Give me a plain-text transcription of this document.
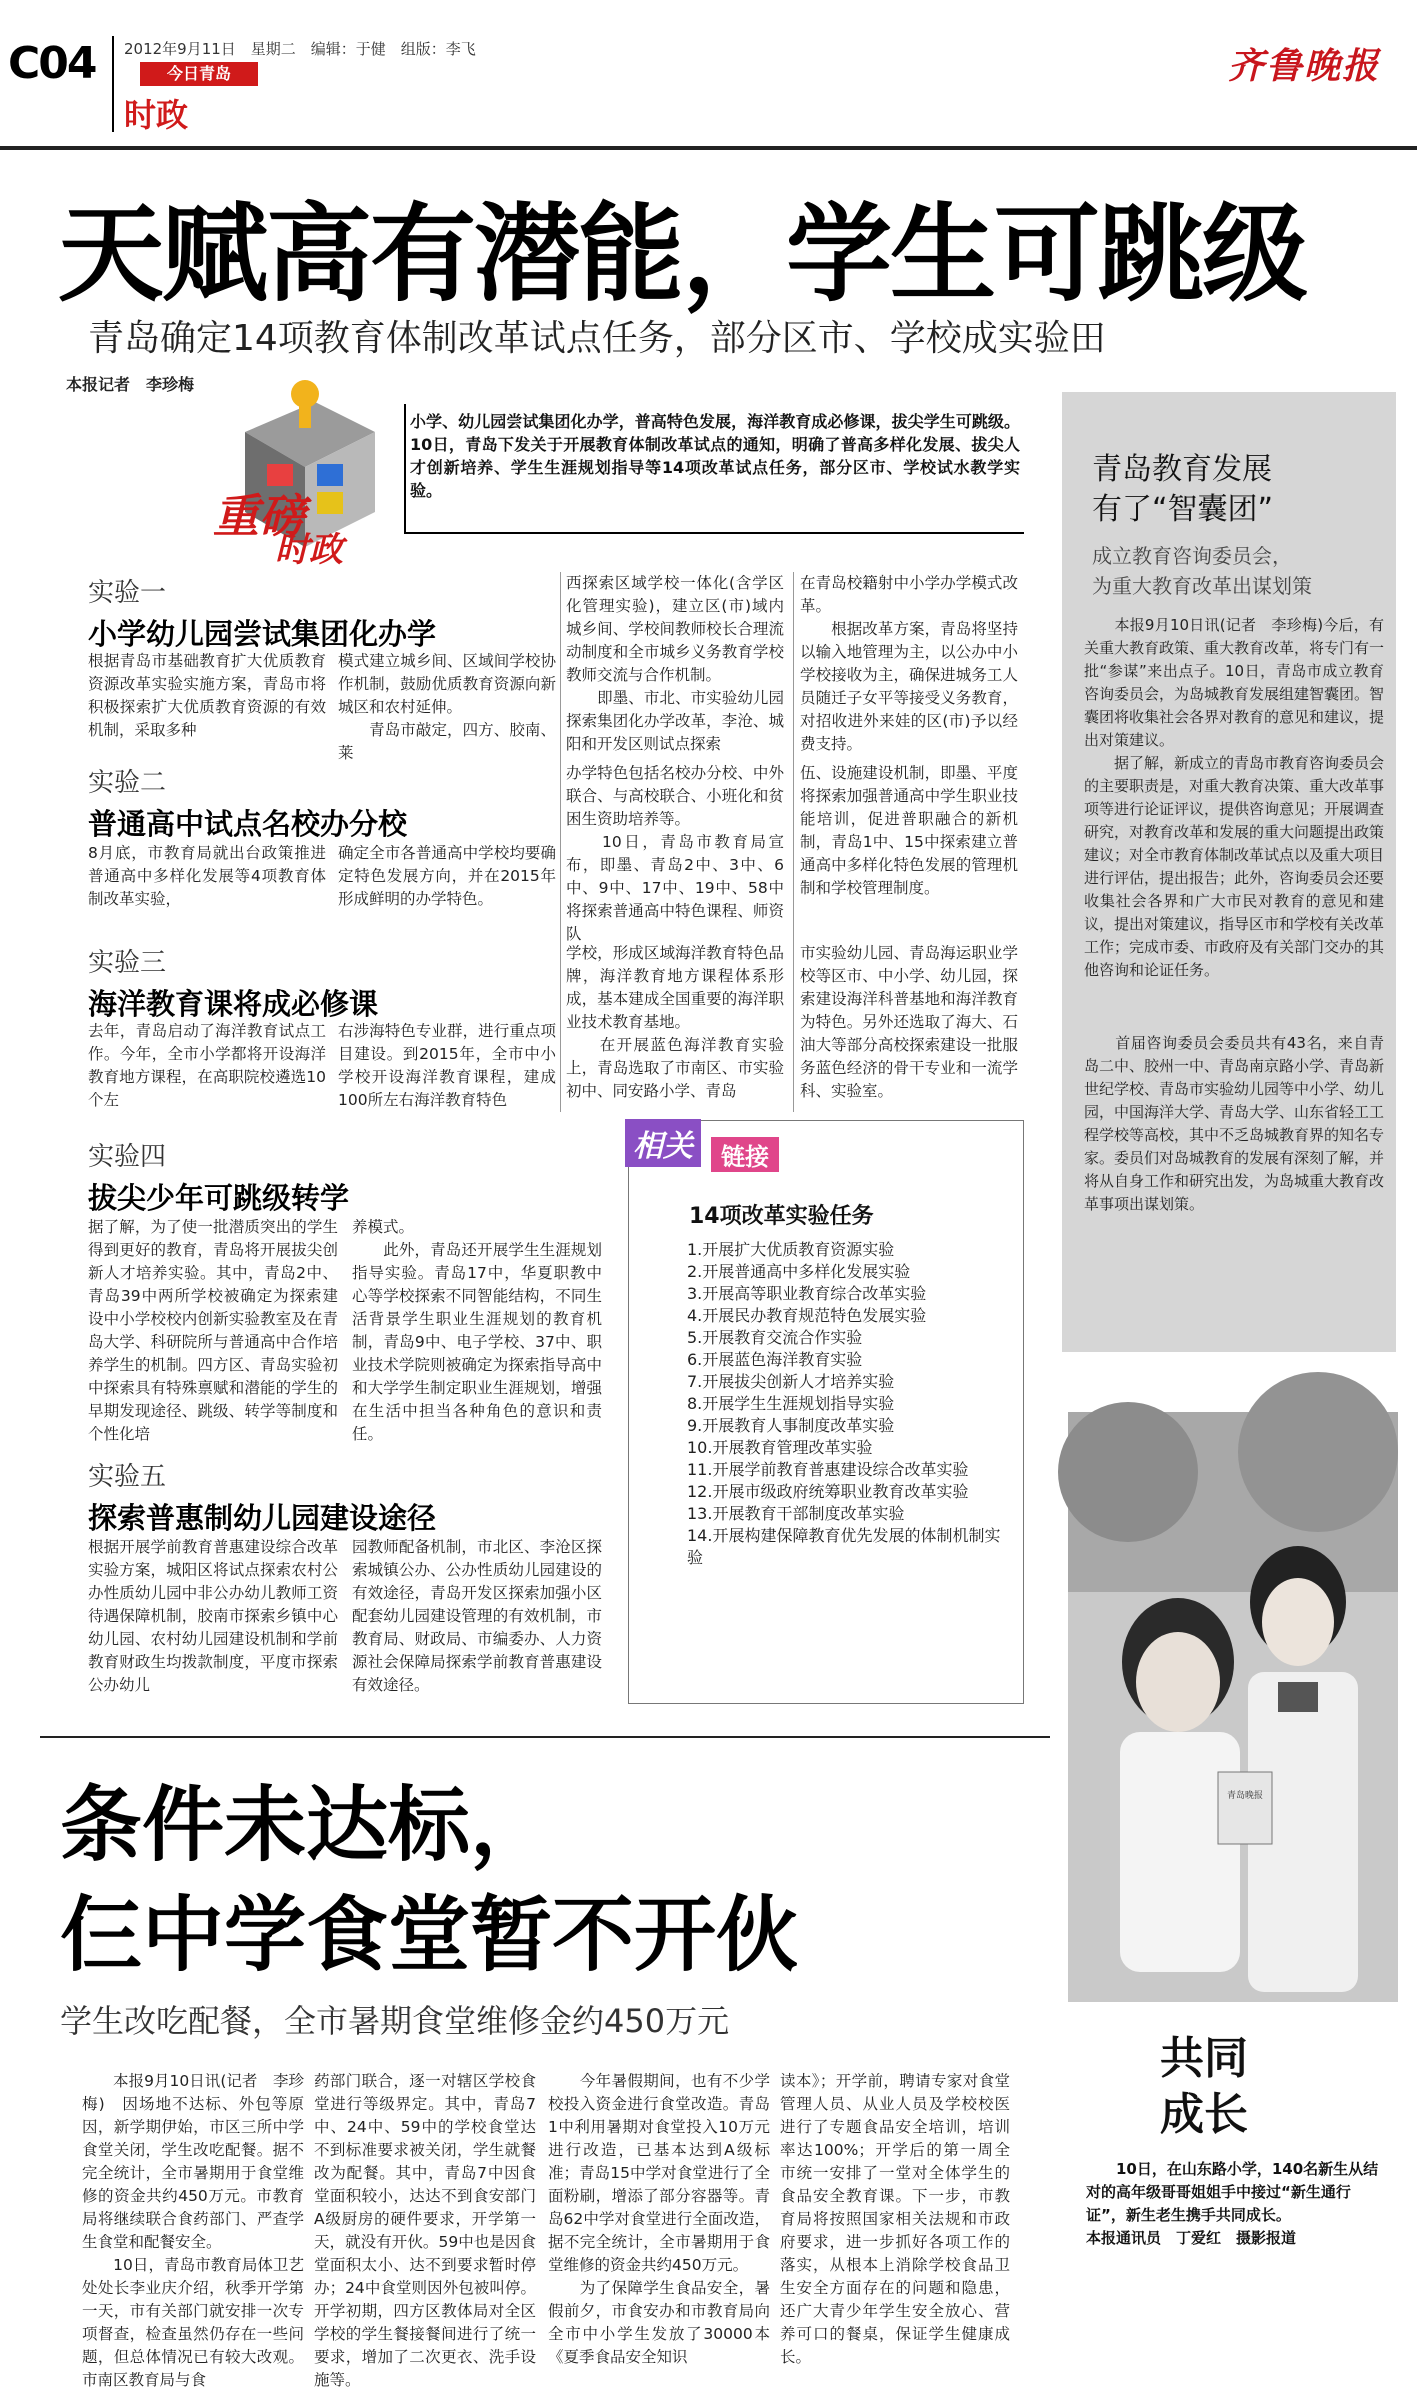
C04 2012年9月11日　星期二　编辑：于健　组版：李飞
今日青岛
时政
齐鲁晚报
天赋高有潜能，学生可跳级
青岛确定14项教育体制改革试点任务，部分区市、学校成实验田
本报记者　李珍梅
重磅
时政
小学、幼儿园尝试集团化办学，普高特色发展，海洋教育成必修课，拔尖学生可跳级。10日，青岛下发关于开展教育体制改革试点的通知，明确了普高多样化发展、拔尖人才创新培养、学生生涯规划指导等14项改革试点任务，部分区市、学校试水教学实验。
实验一
小学幼儿园尝试集团化办学
根据青岛市基础教育扩大优质教育资源改革实验实施方案，青岛市将积极探索扩大优质教育资源的有效机制，采取多种
模式建立城乡间、区域间学校协作机制，鼓励优质教育资源向新城区和农村延伸。
　　青岛市敲定，四方、胶南、莱
实验二
普通高中试点名校办分校
8月底，市教育局就出台政策推进普通高中多样化发展等4项教育体制改革实验，
确定全市各普通高中学校均要确定特色发展方向，并在2015年形成鲜明的办学特色。
实验三
海洋教育课将成必修课
去年，青岛启动了海洋教育试点工作。今年，全市小学都将开设海洋教育地方课程，在高职院校遴选10个左
右涉海特色专业群，进行重点项目建设。到2015年，全市中小学校开设海洋教育课程，建成100所左右海洋教育特色
实验四
拔尖少年可跳级转学
据了解，为了使一批潜质突出的学生得到更好的教育，青岛将开展拔尖创新人才培养实验。其中，青岛2中、青岛39中两所学校被确定为探索建设中小学校校内创新实验教室及在青岛大学、科研院所与普通高中合作培养学生的机制。四方区、青岛实验初中探索具有特殊禀赋和潜能的学生的早期发现途径、跳级、转学等制度和个性化培
养模式。
　　此外，青岛还开展学生生涯规划指导实验。青岛17中，华夏职教中心等学校探索不同智能结构，不同生活背景学生职业生涯规划的教育机制，青岛9中、电子学校、37中、职业技术学院则被确定为探索指导高中和大学学生制定职业生涯规划，增强在生活中担当各种角色的意识和责任。
实验五
探索普惠制幼儿园建设途径
根据开展学前教育普惠建设综合改革实验方案，城阳区将试点探索农村公办性质幼儿园中非公办幼儿教师工资待遇保障机制，胶南市探索乡镇中心幼儿园、农村幼儿园建设机制和学前教育财政生均拨款制度，平度市探索公办幼儿
园教师配备机制，市北区、李沧区探索城镇公办、公办性质幼儿园建设的有效途径，青岛开发区探索加强小区配套幼儿园建设管理的有效机制，市教育局、财政局、市编委办、人力资源社会保障局探索学前教育普惠建设有效途径。
西探索区域学校一体化(含学区化管理实验)，建立区(市)域内城乡间、学校间教师校长合理流动制度和全市城乡义务教育学校教师交流与合作机制。
　　即墨、市北、市实验幼儿园探索集团化办学改革，李沧、城阳和开发区则试点探索
在青岛校籍射中小学办学模式改革。
　　根据改革方案，青岛将坚持以输入地管理为主，以公办中小学校接收为主，确保进城务工人员随迁子女平等接受义务教育，对招收进外来娃的区(市)予以经费支持。
办学特色包括名校办分校、中外联合、与高校联合、小班化和贫困生资助培养等。
　　10日，青岛市教育局宣布，即墨、青岛2中、3中、6中、9中、17中、19中、58中将探索普通高中特色课程、师资队
伍、设施建设机制，即墨、平度将探索加强普通高中学生职业技能培训，促进普职融合的新机制，青岛1中、15中探索建立普通高中多样化特色发展的管理机制和学校管理制度。
学校，形成区域海洋教育特色品牌，海洋教育地方课程体系形成，基本建成全国重要的海洋职业技术教育基地。
　　在开展蓝色海洋教育实验上，青岛选取了市南区、市实验初中、同安路小学、青岛
市实验幼儿园、青岛海运职业学校等区市、中小学、幼儿园，探索建设海洋科普基地和海洋教育为特色。另外还选取了海大、石油大等部分高校探索建设一批服务蓝色经济的骨干专业和一流学科、实验室。
相关	链接
14项改革实验任务
1.开展扩大优质教育资源实验
2.开展普通高中多样化发展实验
3.开展高等职业教育综合改革实验
4.开展民办教育规范特色发展实验
5.开展教育交流合作实验
6.开展蓝色海洋教育实验
7.开展拔尖创新人才培养实验
8.开展学生生涯规划指导实验
9.开展教育人事制度改革实验
10.开展教育管理改革实验
11.开展学前教育普惠建设综合改革实验
12.开展市级政府统筹职业教育改革实验
13.开展教育干部制度改革实验
14.开展构建保障教育优先发展的体制机制实验
青岛教育发展
有了“智囊团”
成立教育咨询委员会，
为重大教育改革出谋划策
　　本报9月10日讯(记者　李珍梅)今后，有关重大教育政策、重大教育改革，将专门有一批“参谋”来出点子。10日，青岛市成立教育咨询委员会，为岛城教育发展组建智囊团。智囊团将收集社会各界对教育的意见和建议，提出对策建议。
　　据了解，新成立的青岛市教育咨询委员会的主要职责是，对重大教育决策、重大改革事项等进行论证评议，提供咨询意见；开展调查研究，对教育改革和发展的重大问题提出政策建议；对全市教育体制改革试点以及重大项目进行评估，提出报告；此外，咨询委员会还要收集社会各界和广大市民对教育的意见和建议，提出对策建议，指导区市和学校有关改革工作；完成市委、市政府及有关部门交办的其他咨询和论证任务。
　　首届咨询委员会委员共有43名，来自青岛二中、胶州一中、青岛南京路小学、青岛新世纪学校、青岛市实验幼儿园等中小学、幼儿园，中国海洋大学、青岛大学、山东省轻工工程学校等高校，其中不乏岛城教育界的知名专家。委员们对岛城教育的发展有深刻了解，并将从自身工作和研究出发，为岛城重大教育改革事项出谋划策。
青岛晚报
共同
成长
　　10日，在山东路小学，140名新生从结对的高年级哥哥姐姐手中接过“新生通行证”，新生老生携手共同成长。
本报通讯员　丁爱红　摄影报道
条件未达标，
仨中学食堂暂不开伙
学生改吃配餐，全市暑期食堂维修金约450万元
　　本报9月10日讯(记者　李珍梅)　因场地不达标、外包等原因，新学期伊始，市区三所中学食堂关闭，学生改吃配餐。据不完全统计，全市暑期用于食堂维修的资金共约450万元。市教育局将继续联合食药部门、严查学生食堂和配餐安全。
　　10日，青岛市教育局体卫艺处处长李业庆介绍，秋季开学第一天，市有关部门就安排一次专项督查，检查虽然仍存在一些问题，但总体情况已有较大改观。市南区教育局与食
药部门联合，逐一对辖区学校食堂进行等级界定。其中，青岛7中、24中、59中的学校食堂达不到标准要求被关闭，学生就餐改为配餐。其中，青岛7中因食堂面积较小，达达不到食安部门A级厨房的硬件要求，开学第一天，就没有开伙。59中也是因食堂面积太小、达不到要求暂时停办；24中食堂则因外包被叫停。开学初期，四方区教体局对全区学校的学生餐接餐间进行了统一要求，增加了二次更衣、洗手设施等。
　　今年暑假期间，也有不少学校投入资金进行食堂改造。青岛1中利用暑期对食堂投入10万元进行改造，已基本达到A级标准；青岛15中学对食堂进行了全面粉刷，增添了部分容器等。青岛62中学对食堂进行全面改造，据不完全统计，全市暑期用于食堂维修的资金共约450万元。
　　为了保障学生食品安全，暑假前夕，市食安办和市教育局向全市中小学生发放了30000本《夏季食品安全知识
读本》；开学前，聘请专家对食堂管理人员、从业人员及学校校医进行了专题食品安全培训，培训率达100%；开学后的第一周全市统一安排了一堂对全体学生的食品安全教育课。下一步，市教育局将按照国家相关法规和市政府要求，进一步抓好各项工作的落实，从根本上消除学校食品卫生安全方面存在的问题和隐患，还广大青少年学生安全放心、营养可口的餐桌，保证学生健康成长。
